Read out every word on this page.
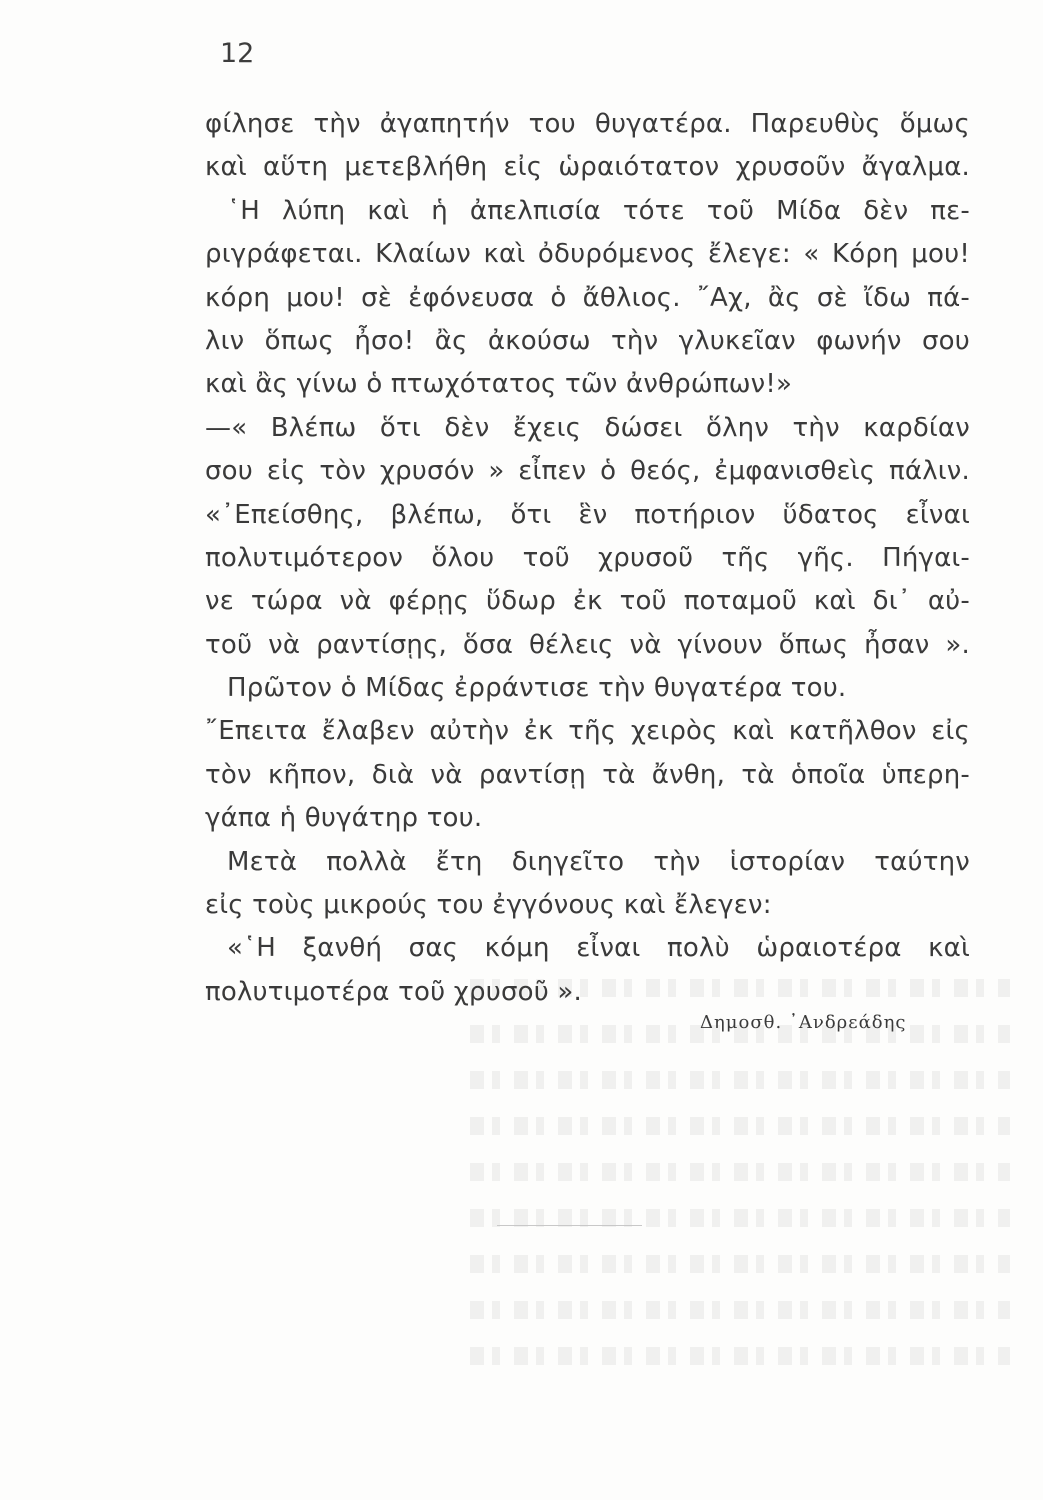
12
φίλησε τὴν ἀγαπητήν του θυγατέρα. Παρευθὺς ὅμως
καὶ αὕτη μετεβλήθη εἰς ὡραιότατον χρυσοῦν ἄγαλμα.
῾Η λύπη καὶ ἡ ἀπελπισία τότε τοῦ Μίδα δὲν πε-
ριγράφεται. Κλαίων καὶ ὀδυρόμενος ἔλεγε: « Κόρη μου!
κόρη μου! σὲ ἐφόνευσα ὁ ἄθλιος. ῎Αχ, ἂς σὲ ἴδω πά-
λιν ὅπως ἦσο! ἂς ἀκούσω τὴν γλυκεῖαν φωνήν σου
καὶ ἂς γίνω ὁ πτωχότατος τῶν ἀνθρώπων!»
—« Βλέπω ὅτι δὲν ἔχεις δώσει ὅλην τὴν καρδίαν
σου εἰς τὸν χρυσόν » εἶπεν ὁ θεός, ἐμφανισθεὶς πάλιν.
«᾿Επείσθης, βλέπω, ὅτι ἓν ποτήριον ὕδατος εἶναι
πολυτιμότερον ὅλου τοῦ χρυσοῦ τῆς γῆς. Πήγαι-
νε τώρα νὰ φέρῃς ὕδωρ ἐκ τοῦ ποταμοῦ καὶ δι᾿ αὐ-
τοῦ νὰ ραντίσῃς, ὅσα θέλεις νὰ γίνουν ὅπως ἦσαν ».
Πρῶτον ὁ Μίδας ἐρράντισε τὴν θυγατέρα του.
῎Επειτα ἔλαβεν αὐτὴν ἐκ τῆς χειρὸς καὶ κατῆλθον εἰς
τὸν κῆπον, διὰ νὰ ραντίσῃ τὰ ἄνθη, τὰ ὁποῖα ὑπερη-
γάπα ἡ θυγάτηρ του.
Μετὰ πολλὰ ἔτη διηγεῖτο τὴν ἱστορίαν ταύτην
εἰς τοὺς μικρούς του ἐγγόνους καὶ ἔλεγεν:
«῾Η ξανθή σας κόμη εἶναι πολὺ ὡραιοτέρα καὶ
πολυτιμοτέρα τοῦ χρυσοῦ ».
Δημοσθ. ᾿Ανδρεάδης
